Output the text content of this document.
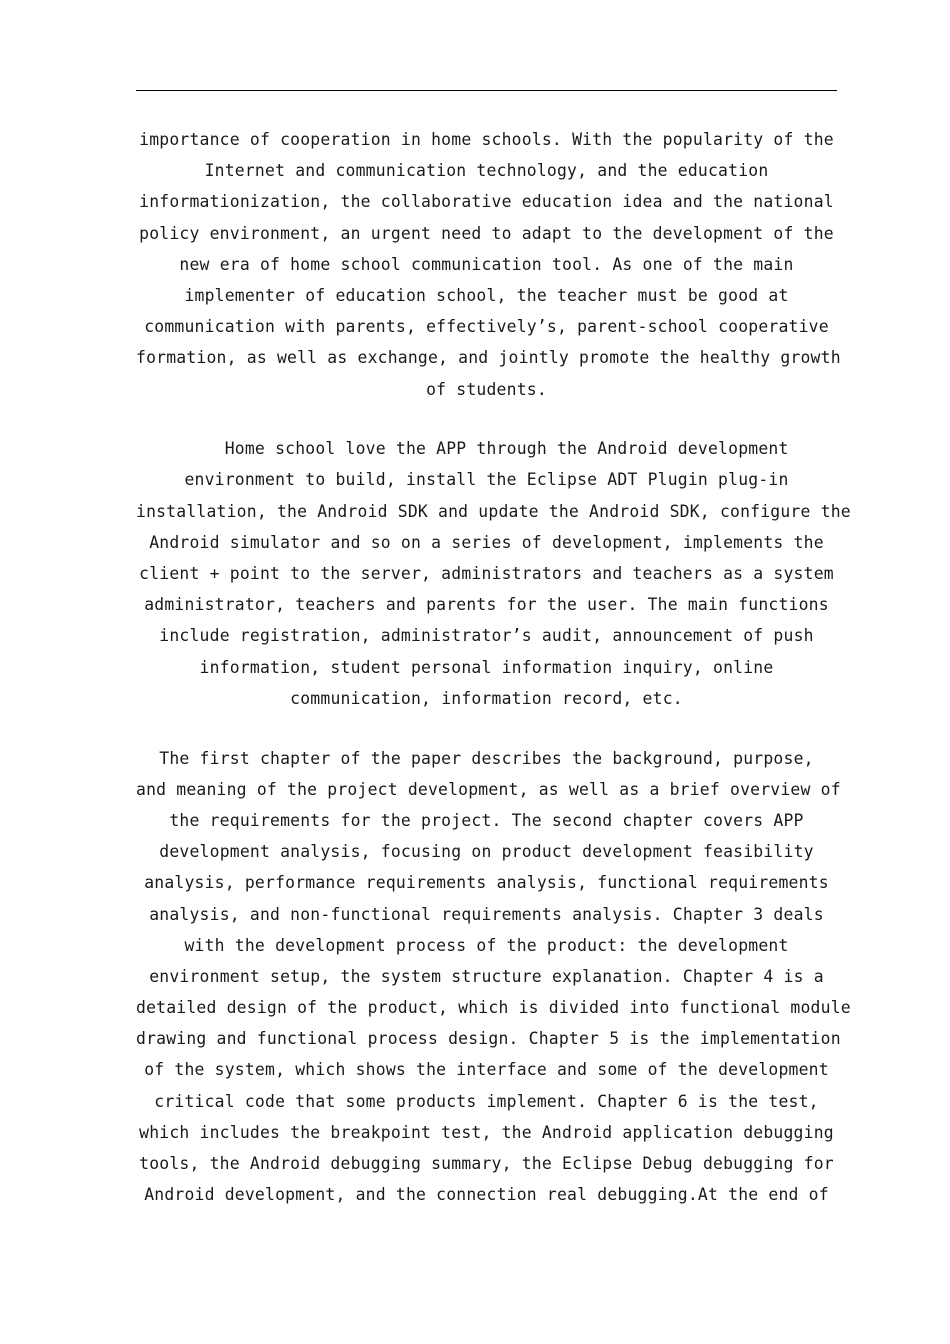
importance of cooperation in home schools. With the popularity of the
Internet and communication technology, and the education
informationization, the collaborative education idea and the national
policy environment, an urgent need to adapt to the development of the
new era of home school communication tool. As one of the main
implementer of education school, the teacher must be good at
communication with parents, effectively’s, parent-school cooperative
formation, as well as exchange, and jointly promote the healthy growth
of students.
Home school love the APP through the Android development
environment to build, install the Eclipse ADT Plugin plug-in
installation, the Android SDK and update the Android SDK, configure the
Android simulator and so on a series of development, implements the
client + point to the server, administrators and teachers as a system
administrator, teachers and parents for the user. The main functions
include registration, administrator’s audit, announcement of push
information, student personal information inquiry, online
communication, information record, etc.
The first chapter of the paper describes the background, purpose,
and meaning of the project development, as well as a brief overview of
the requirements for the project. The second chapter covers APP
development analysis, focusing on product development feasibility
analysis, performance requirements analysis, functional requirements
analysis, and non-functional requirements analysis. Chapter 3 deals
with the development process of the product: the development
environment setup, the system structure explanation. Chapter 4 is a
detailed design of the product, which is divided into functional module
drawing and functional process design. Chapter 5 is the implementation
of the system, which shows the interface and some of the development
critical code that some products implement. Chapter 6 is the test,
which includes the breakpoint test, the Android application debugging
tools, the Android debugging summary, the Eclipse Debug debugging for
Android development, and the connection real debugging.At the end of
